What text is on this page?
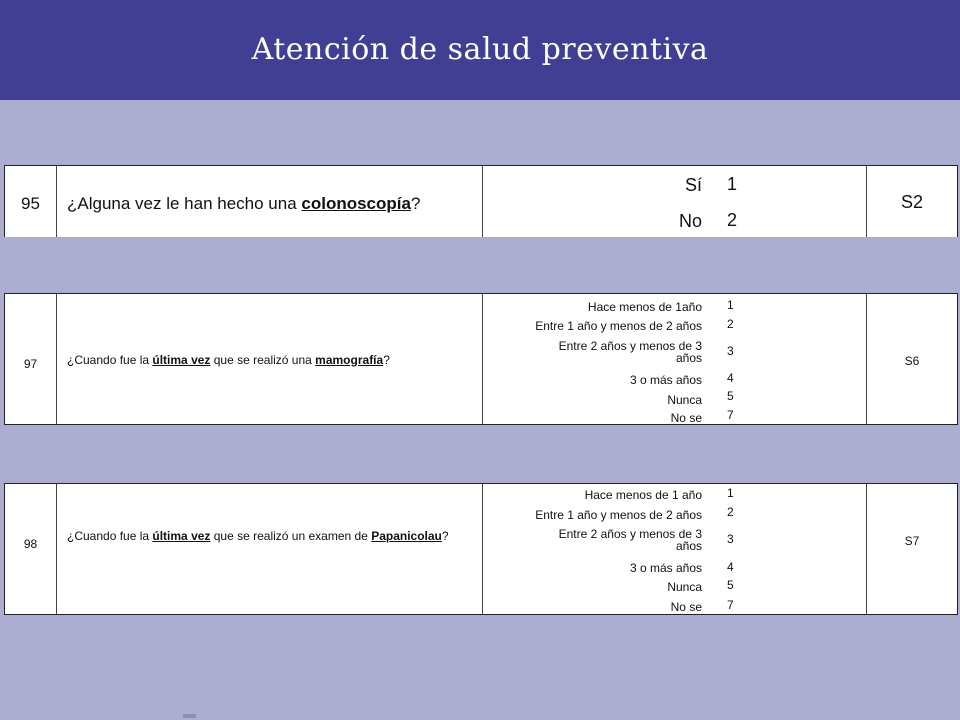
Atención de salud preventiva
95	¿Alguna vez le han hecho una colonoscopía?
Sí 1
No 2
S2
97	¿Cuando fue la última vez que se realizó una mamografía?
Hace menos de 1año 1
Entre 1 año y menos de 2 años 2
Entre 2 años y menos de 3 años 3
3 o más años 4
Nunca 5
No se 7
S6
98
¿Cuando fue la última vez que se realizó un examen de Papanicolau?
Hace menos de 1 año 1
Entre 1 año y menos de 2 años 2
Entre 2 años y menos de 3 años 3
3 o más años 4
Nunca 5
No se 7
S7
